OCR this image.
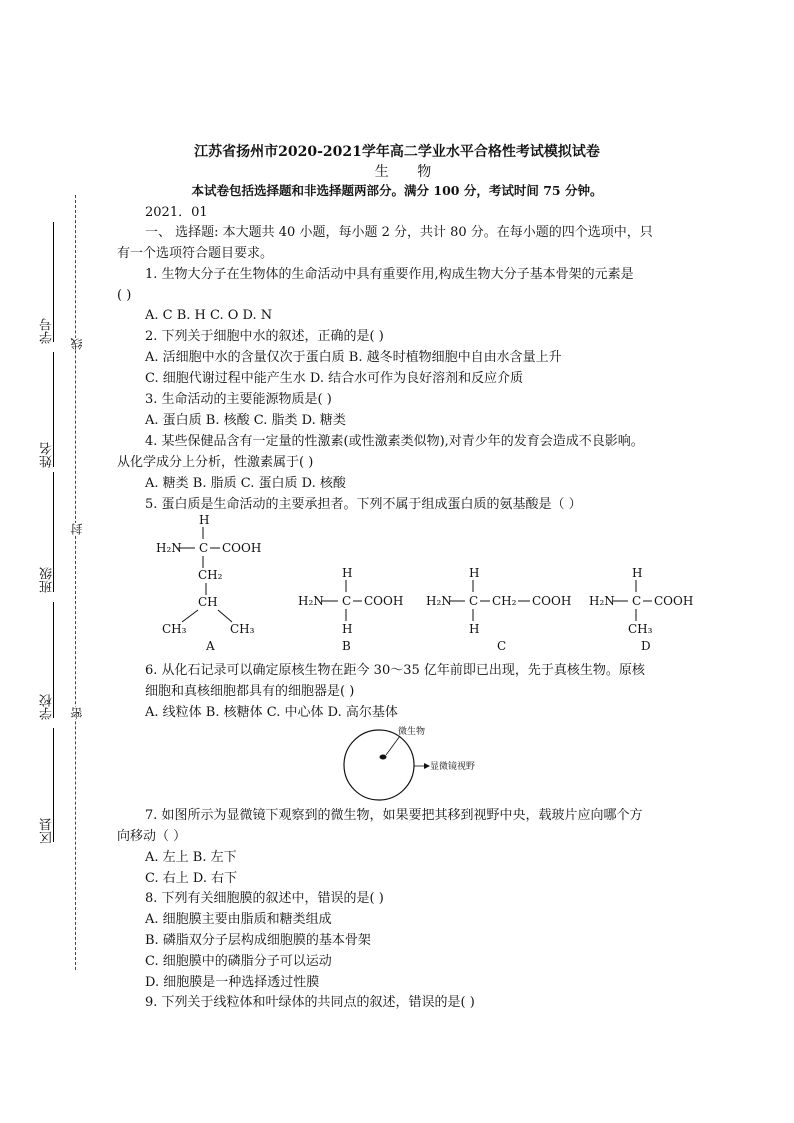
江苏省扬州市2020-2021学年高二学业水平合格性考试模拟试卷
生 物
本试卷包括选择题和非选择题两部分。满分 100 分，考试时间 75 分钟。
2021．01
学号
姓名
班级
学校
区县
线
封
密
一、 选择题: 本大题共 40 小题，每小题 2 分，共计 80 分。在每小题的四个选项中，只
有一个选项符合题目要求。
1. 生物大分子在生物体的生命活动中具有重要作用,构成生物大分子基本骨架的元素是
( )
A. C B. H C. O D. N
2. 下列关于细胞中水的叙述，正确的是( )
A. 活细胞中水的含量仅次于蛋白质 B. 越冬时植物细胞中自由水含量上升
C. 细胞代谢过程中能产生水 D. 结合水可作为良好溶剂和反应介质
3. 生命活动的主要能源物质是( )
A. 蛋白质 B. 核酸 C. 脂类 D. 糖类
4. 某些保健品含有一定量的性激素(或性激素类似物),对青少年的发育会造成不良影响。
从化学成分上分析，性激素属于( )
A. 糖类 B. 脂质 C. 蛋白质 D. 核酸
5. 蛋白质是生命活动的主要承担者。下列不属于组成蛋白质的氨基酸是（ ）
H
H₂N C COOH
CH₂
CH
CH₃	CH₃
A
H
H₂N C COOH
H
B
H
H₂N C CH₂ COOH
H
C
H
H₂N C COOH
CH₃
D
6. 从化石记录可以确定原核生物在距今 30～35 亿年前即已出现，先于真核生物。原核
细胞和真核细胞都具有的细胞器是( )
A. 线粒体 B. 核糖体 C. 中心体 D. 高尔基体
微生物
显微镜视野
7. 如图所示为显微镜下观察到的微生物，如果要把其移到视野中央，载玻片应向哪个方
向移动（ ）
A. 左上 B. 左下
C. 右上 D. 右下
8. 下列有关细胞膜的叙述中，错误的是( )
A. 细胞膜主要由脂质和糖类组成
B. 磷脂双分子层构成细胞膜的基本骨架
C. 细胞膜中的磷脂分子可以运动
D. 细胞膜是一种选择透过性膜
9. 下列关于线粒体和叶绿体的共同点的叙述，错误的是( )
